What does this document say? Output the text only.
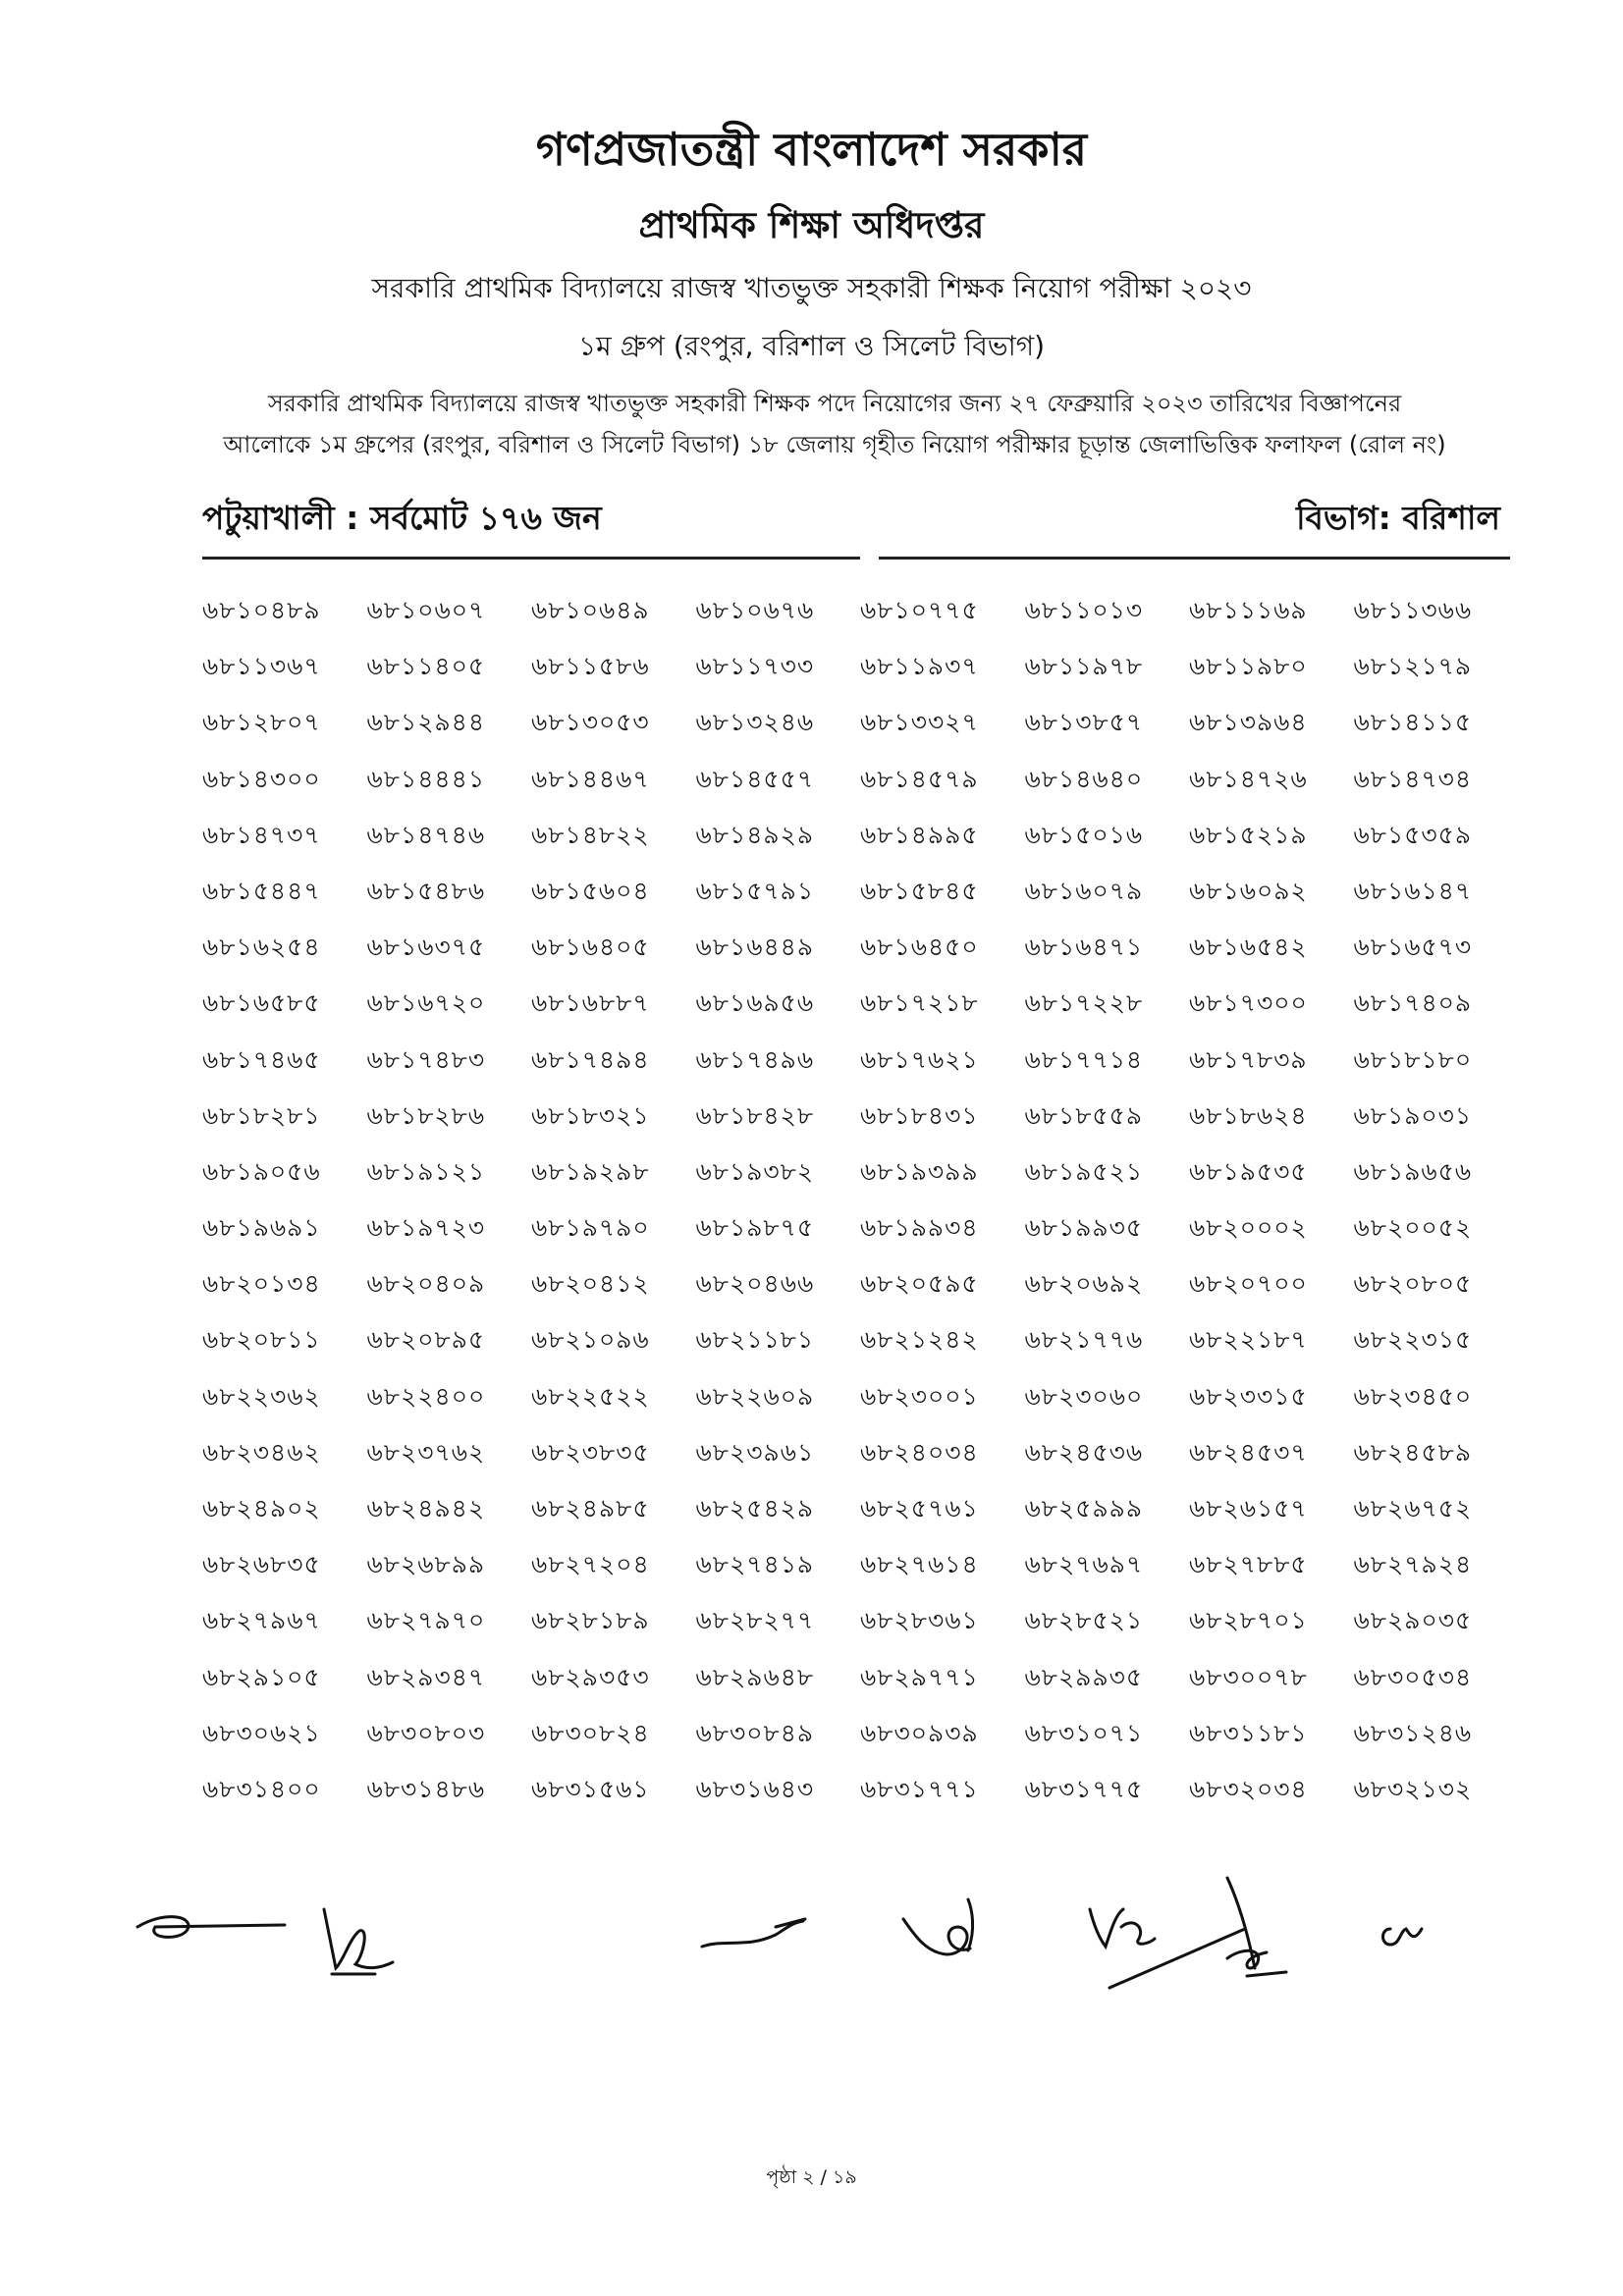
গণপ্রজাতন্ত্রী বাংলাদেশ সরকার
প্রাথমিক শিক্ষা অধিদপ্তর
সরকারি প্রাথমিক বিদ্যালয়ে রাজস্ব খাতভুক্ত সহকারী শিক্ষক নিয়োগ পরীক্ষা ২০২৩
১ম গ্রুপ (রংপুর, বরিশাল ও সিলেট বিভাগ)
সরকারি প্রাথমিক বিদ্যালয়ে রাজস্ব খাতভুক্ত সহকারী শিক্ষক পদে নিয়োগের জন্য ২৭ ফেব্রুয়ারি ২০২৩ তারিখের বিজ্ঞাপনের
আলোকে ১ম গ্রুপের (রংপুর, বরিশাল ও সিলেট বিভাগ) ১৮ জেলায় গৃহীত নিয়োগ পরীক্ষার চূড়ান্ত জেলাভিত্তিক ফলাফল (রোল নং)
পটুয়াখালী : সর্বমোট ১৭৬ জন	বিভাগ: বরিশাল
৬৮১০৪৮৯	৬৮১০৬০৭	৬৮১০৬৪৯	৬৮১০৬৭৬	৬৮১০৭৭৫	৬৮১১০১৩	৬৮১১১৬৯	৬৮১১৩৬৬
৬৮১১৩৬৭	৬৮১১৪০৫	৬৮১১৫৮৬	৬৮১১৭৩৩	৬৮১১৯৩৭	৬৮১১৯৭৮	৬৮১১৯৮০	৬৮১২১৭৯
৬৮১২৮০৭	৬৮১২৯৪৪	৬৮১৩০৫৩	৬৮১৩২৪৬	৬৮১৩৩২৭	৬৮১৩৮৫৭	৬৮১৩৯৬৪	৬৮১৪১১৫
৬৮১৪৩০০	৬৮১৪৪৪১	৬৮১৪৪৬৭	৬৮১৪৫৫৭	৬৮১৪৫৭৯	৬৮১৪৬৪০	৬৮১৪৭২৬	৬৮১৪৭৩৪
৬৮১৪৭৩৭	৬৮১৪৭৪৬	৬৮১৪৮২২	৬৮১৪৯২৯	৬৮১৪৯৯৫	৬৮১৫০১৬	৬৮১৫২১৯	৬৮১৫৩৫৯
৬৮১৫৪৪৭	৬৮১৫৪৮৬	৬৮১৫৬০৪	৬৮১৫৭৯১	৬৮১৫৮৪৫	৬৮১৬০৭৯	৬৮১৬০৯২	৬৮১৬১৪৭
৬৮১৬২৫৪	৬৮১৬৩৭৫	৬৮১৬৪০৫	৬৮১৬৪৪৯	৬৮১৬৪৫০	৬৮১৬৪৭১	৬৮১৬৫৪২	৬৮১৬৫৭৩
৬৮১৬৫৮৫	৬৮১৬৭২০	৬৮১৬৮৮৭	৬৮১৬৯৫৬	৬৮১৭২১৮	৬৮১৭২২৮	৬৮১৭৩০০	৬৮১৭৪০৯
৬৮১৭৪৬৫	৬৮১৭৪৮৩	৬৮১৭৪৯৪	৬৮১৭৪৯৬	৬৮১৭৬২১	৬৮১৭৭১৪	৬৮১৭৮৩৯	৬৮১৮১৮০
৬৮১৮২৮১	৬৮১৮২৮৬	৬৮১৮৩২১	৬৮১৮৪২৮	৬৮১৮৪৩১	৬৮১৮৫৫৯	৬৮১৮৬২৪	৬৮১৯০৩১
৬৮১৯০৫৬	৬৮১৯১২১	৬৮১৯২৯৮	৬৮১৯৩৮২	৬৮১৯৩৯৯	৬৮১৯৫২১	৬৮১৯৫৩৫	৬৮১৯৬৫৬
৬৮১৯৬৯১	৬৮১৯৭২৩	৬৮১৯৭৯০	৬৮১৯৮৭৫	৬৮১৯৯৩৪	৬৮১৯৯৩৫	৬৮২০০০২	৬৮২০০৫২
৬৮২০১৩৪	৬৮২০৪০৯	৬৮২০৪১২	৬৮২০৪৬৬	৬৮২০৫৯৫	৬৮২০৬৯২	৬৮২০৭০০	৬৮২০৮০৫
৬৮২০৮১১	৬৮২০৮৯৫	৬৮২১০৯৬	৬৮২১১৮১	৬৮২১২৪২	৬৮২১৭৭৬	৬৮২২১৮৭	৬৮২২৩১৫
৬৮২২৩৬২	৬৮২২৪০০	৬৮২২৫২২	৬৮২২৬০৯	৬৮২৩০০১	৬৮২৩০৬০	৬৮২৩৩১৫	৬৮২৩৪৫০
৬৮২৩৪৬২	৬৮২৩৭৬২	৬৮২৩৮৩৫	৬৮২৩৯৬১	৬৮২৪০৩৪	৬৮২৪৫৩৬	৬৮২৪৫৩৭	৬৮২৪৫৮৯
৬৮২৪৯০২	৬৮২৪৯৪২	৬৮২৪৯৮৫	৬৮২৫৪২৯	৬৮২৫৭৬১	৬৮২৫৯৯৯	৬৮২৬১৫৭	৬৮২৬৭৫২
৬৮২৬৮৩৫	৬৮২৬৮৯৯	৬৮২৭২০৪	৬৮২৭৪১৯	৬৮২৭৬১৪	৬৮২৭৬৯৭	৬৮২৭৮৮৫	৬৮২৭৯২৪
৬৮২৭৯৬৭	৬৮২৭৯৭০	৬৮২৮১৮৯	৬৮২৮২৭৭	৬৮২৮৩৬১	৬৮২৮৫২১	৬৮২৮৭০১	৬৮২৯০৩৫
৬৮২৯১০৫	৬৮২৯৩৪৭	৬৮২৯৩৫৩	৬৮২৯৬৪৮	৬৮২৯৭৭১	৬৮২৯৯৩৫	৬৮৩০০৭৮	৬৮৩০৫৩৪
৬৮৩০৬২১	৬৮৩০৮০৩	৬৮৩০৮২৪	৬৮৩০৮৪৯	৬৮৩০৯৩৯	৬৮৩১০৭১	৬৮৩১১৮১	৬৮৩১২৪৬
৬৮৩১৪০০	৬৮৩১৪৮৬	৬৮৩১৫৬১	৬৮৩১৬৪৩	৬৮৩১৭৭১	৬৮৩১৭৭৫	৬৮৩২০৩৪	৬৮৩২১৩২
পৃষ্ঠা ২ / ১৯
